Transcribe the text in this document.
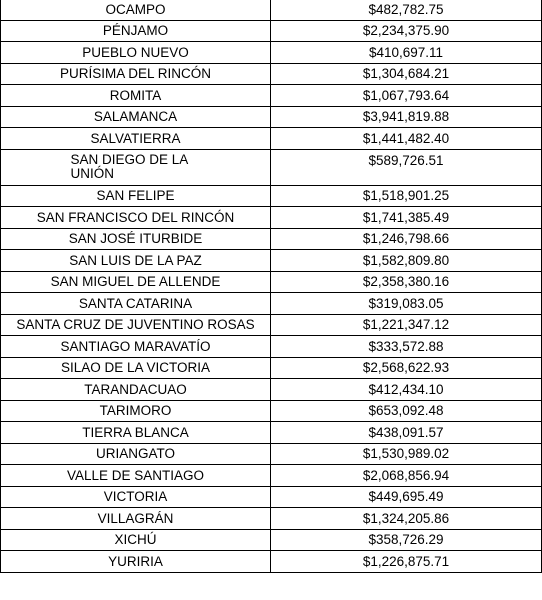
OCAMPO	$482,782.75
PÉNJAMO	$2,234,375.90
PUEBLO NUEVO	$410,697.11
PURÍSIMA DEL RINCÓN	$1,304,684.21
ROMITA	$1,067,793.64
SALAMANCA	$3,941,819.88
SALVATIERRA	$1,441,482.40
SAN DIEGO DE LA UNIÓN	$589,726.51
SAN FELIPE	$1,518,901.25
SAN FRANCISCO DEL RINCÓN	$1,741,385.49
SAN JOSÉ ITURBIDE	$1,246,798.66
SAN LUIS DE LA PAZ	$1,582,809.80
SAN MIGUEL DE ALLENDE	$2,358,380.16
SANTA CATARINA	$319,083.05
SANTA CRUZ DE JUVENTINO ROSAS	$1,221,347.12
SANTIAGO MARAVATÍO	$333,572.88
SILAO DE LA VICTORIA	$2,568,622.93
TARANDACUAO	$412,434.10
TARIMORO	$653,092.48
TIERRA BLANCA	$438,091.57
URIANGATO	$1,530,989.02
VALLE DE SANTIAGO	$2,068,856.94
VICTORIA	$449,695.49
VILLAGRÁN	$1,324,205.86
XICHÚ	$358,726.29
YURIRIA	$1,226,875.71
